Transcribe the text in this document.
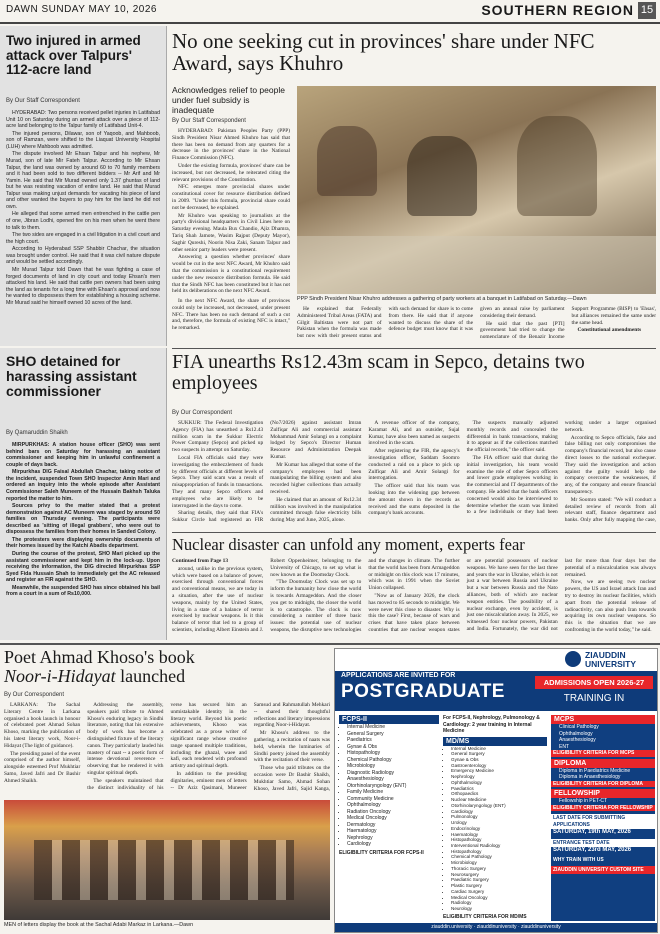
DAWN SUNDAY MAY 10, 2026	SOUTHERN REGION 15
Two injured in armed attack over Talpurs' 112-acre land
By Our Staff Correspondent

HYDERABAD: Two persons received pellet injuries in Latifabad Unit 10 on Saturday during an armed attack over a piece of 112-acre land belonging to the Talpur family of Latifabad Unit-4.

The injured persons, Dilawar, son of Yaqoob, and Mahboob, son of Ramzan, were shifted to the Liaquat University Hospital (LUH) where Mahboob was admitted.

The dispute involved Mr Ehsan Talpur and his nephew, Mr Murad, son of late Mir Fateh Talpur. According to Mir Ehsan Talpur, the land was owned by around 60 to 70 family members and it had been sold to two different bidders -- Mr Arif and Mr Yamin. He said that Mir Murad owned only 1.37 ghuntas of land but he was resisting vacation of entire land. He said that Murad Talpur was making unjust demands for vacating his piece of land and other wanted the buyers to pay him for the land he did not own.

He alleged that some armed men entrenched in the cattle pen of one, Jibran Lodhi, opened fire on his men when he went there to talk to them.

The two sides are engaged in a civil litigation in a civil court and the high court.

According to Hyderabad SSP Shabbir Chachar, the situation was brought under control. He said that it was civil nature dispute and would be settled accordingly.

Mir Murad Talpur told Dawn that he was fighting a case of forged documents of land in city court and today Ehsan's men attacked his land. He said that cattle pen owners had been using the land as tenants for a long time with Ehsan's approval and now he wanted to dispossess them for establishing a housing scheme. Mir Murad said he himself owned 10 acres of the land.

SHO detained for harassing assistant commissioner
By Qamaruddin Shaikh

MIRPURKHAS: A station house officer (SHO) was sent behind bars on Saturday for harassing an assistant commissioner and keeping him in unlawful confinement a couple of days back.

Mirpurkhas DIG Faisal Abdullah Chachar, taking notice of the incident, suspended Town SHO Inspector Amin Mari and ordered an inquiry into the whole episode after Assistant Commissioner Saleh Muneem of the Hussain Bakhsh Taluka reported the matter to him.

Sources privy to the matter stated that a protest demonstration against AC Muneem was staged by around 50 families on Thursday evening. The participants were described as 'sitting of illegal grabbers', who were out to dispossess the families from their homes in Sanded Colony.

The protesters were displaying ownership documents of their homes issued by the Katchi Abadis department.

During the course of the protest, SHO Mari picked up the assistant commissioner and kept him in the lock-up. Upon receiving the information, the DIG directed Mirpurkhas SSP Syed Fida Hussain Shah to immediately get the AC released and register an FIR against the SHO.

Meanwhile, the suspended SHO has since obtained his bail from a court in a sum of Rs10,000.

No one seeking cut in provinces' share under NFC Award, says Khuhro
Acknowledges relief to people under fuel subsidy is inadequate
By Our Staff Correspondent

HYDERABAD: Pakistan Peoples Party (PPP) Sindh President Nisar Ahmed Khuhro has said that there has been no demand from any quarters for a decrease in the provinces' share in the National Finance Commission (NFC).

Under the existing formula, provinces' share can be increased, but not decreased, he reiterated citing the relevant provisions of the Constitution.

NFC emerges more provincial shares under constitutional cover for resource distribution defined in 2009. "Under this formula, provincial share could not be decreased, he explained.

Mr Khuhro was speaking to journalists at the party's divisional headquarters in Civil Lines here on Saturday evening. Maula Bux Chandio, Ajiz Dhamra, Tariq Shah Jamote, Wasim Rajput (Deputy Mayor), Saghir Qureshi, Noorin Nisa Zaki, Sanam Talpur and other senior party leaders were present.

Answering a question whether provinces' share would be cut in the next NFC Award, Mr Khuhro said that the commission is a constitutional requirement under the new resource distribution formula. He said that the Sindh NFC has been constituted but it has not held its deliberations on the next NFC Award.

PPP Sindh President Nisar Khuhro addresses a gathering of party workers at a banquet in Latifabad on Saturday.—Dawn

In the next NFC Award, the share of provinces could only be increased, not decreased, under present NFC. There has been no such demand of such a cut and, therefore, the formula of existing NFC is intact," he remarked.

He explained that Federally Administered Tribal Areas (FATA) and Gilgit Baltistan were not part of Pakistan when the formula was made but now with their present status and with such demand for share is to come from there. He said that if anyone wanted to discuss the share of the defence budget must know that it was given an annual raise by parliament considering their demand.

He said that the past [PTI] government had tried to change the nomenclature of the Benazir Income Support Programme (BISP) to 'Ehsas', but alliances remained the same under the same head.

Constitutional amendments

FIA unearths Rs12.43m scam in Sepco, detains two employees
By Our Correspondent

SUKKUR: The Federal Investigation Agency (FIA) has unearthed a Rs12.43 million scam in the Sukkur Electric Power Company (Sepco) and picked up two suspects in attempt on Saturday.

Local FIA officials said they were investigating the embezzlement of funds by different officials at different levels of Sepco. They said scam was a result of misappropriation of funds in transactions. They and many Sepco officers and employees who are likely to be interrogated in the days to come.

Sharing details, they said that FIA's Sukkur Circle had registered an FIR (No7/2026) against assistant Imran Zulfiqar Ali and commercial assistant Mohammad Amir Solangi on a complaint lodged by Sepco's Director Human Resource and Administration Deepak Kumar.

Mr Kumar has alleged that some of the company's employees had been manipulating the billing system and also recorded higher collections than actually received.

He claimed that an amount of Rs12.34 million was involved in the manipulation committed through false electricity bills during May and June, 2025, alone.

A revenue officer of the company, Karamat Ali, and an outsider, Sujal Kumar, have also been named as suspects involved in the scam.

After registering the FIR, the agency's investigation officer, Saddam Soomro conducted a raid on a place to pick up Zulfiqar Ali and Amir Solangi for interrogation.

The officer said that his team was looking into the widening gap between the amount shown in the records as received and the sums deposited in the company's bank accounts.

The suspects manually adjusted monthly records and concealed the differential in bank transactions, making it to appear as if the collections matched the official records," the officer said.

The FIA officer said that during the initial investigation, his team would examine the role of other Sepco officers and lower grade employees working in the commercial and IT departments of the company. He added that the bank officers concerned would also be interviewed to determine whether the scam was limited to a few individuals or they had been working under a larger organised network.

According to Sepco officials, fake and false billing not only compromises the company's financial record, but also cause direct losses to the national exchequer. They said the investigation and action against the guilty would help the company overcome the weaknesses, if any, of the company and ensure financial transparency.

Mr Soomro stated: "We will conduct a detailed review of records from all relevant staff, finance department and banks. Only after fully mapping the case,

Nuclear disaster can unfold any moment, experts fear

Continued from Page 13

around, unlike in the previous system, which were based on a balance of power, exercised through conventional forces and conventional means, we are today in a situation, after the use of nuclear weapons, mainly by the United States, living in a state of a balance of terror exercised by nuclear weapons. Is it this balance of terror that led to a group of scientists, including Albert Einstein and J. Robert Oppenheimer, belonging to the University of Chicago, to set up what is now known as the Doomsday Clock.

"The Doomsday Clock was set up to inform the humanity how close the world is towards Armageddon. And the closer you get to midnight, the closer the world is to catastrophe. The clock is now considering a number of three basic issues: the potential use of nuclear weapons, the disruptive new technologies and the changes in climate. The further that the world has been from Armageddon or midnight on this clock was 17 minutes, which was in 1991 when the Soviet Union collapsed.

"Now as of January 2026, the clock has moved to 85 seconds to midnight. We were never this close to disaster. Why is this the case? First, because of wars and crises that have taken place between countries that are nuclear weapon states or are potential possessors of nuclear weapons. We have seen for the last three and years the war in Ukraine, which is not just a war between Russia and Ukraine but a war between Russia and the Nato alliances, both of which are nuclear weapon entities. The possibility of a nuclear exchange, even by accident, is just one miscalculation away. In 2025, we witnessed four nuclear powers, Pakistan and India. Fortunately, the war did not last for more than four days but the potential of a miscalculation was always remained.

Now, we are seeing two nuclear powers, the US and Israel attack Iran and try to destroy its nuclear facilities, which apart from the potential release of radioactivity, can also push Iran towards acquiring its own nuclear weapons. So this is the situation that we are confronting in the world today," he said.

Poet Ahmad Khoso's book
Noor-i-Hidayat launched
By Our Correspondent

LARKANA: The Sachal Literary Centre in Larkana organised a book launch in honour of celebrated poet Ahmad Sohan Khoso, marking the publication of his latest literary work, Noor-i-Hidayat (The light of guidance).

The presiding panel of the event comprised of the author himself, alongside esteemed Prof Mukhtiar Samo, Javed Jafri and Dr Bashir Ahmed Shaikh.

Addressing the assembly, speakers paid tribute to Ahmed Khoso's enduring legacy in Sindhi literature, noting that his extensive body of work has become a distinguished fixture of the literary canon. They particularly lauded his mastery of naat -- a poetic form of intense devotional reverence -- observing that he rendered it with singular spiritual depth.

The speakers maintained that the distinct individuality of his verse has secured him an unmistakable identity in the literary world. Beyond his poetic achievements, Khoso was celebrated as a prose writer of significant range whose creative range spanned multiple traditions, including the ghazal, waee and kafi, each rendered with profound artistry and spiritual depth.

In addition to the presiding dignitaries, eminent men of letters -- Dr Aziz Qasimani, Muneeer Samsud and Rahmatullah Mehkari -- shared their thoughtful reflections and literary impressions regarding Noor-i-Hidayat.

Mr Khoso's address to the gathering, a recitation of naats was held, wherein the luminaries of Sindhi poetry joined the assembly with the recitation of their verse.

Those who paid tributes on the occasion were Dr Bashir Shaikh, Mukhtiar Samo, Ahmad Sohan Khoso, Javed Jafri, Sajid Kanga,

MEN of letters display the book at the Sachal Adabi Markaz in Larkana.—Dawn
ZIAUDDIN UNIVERSITY
APPLICATIONS ARE INVITED FOR
POSTGRADUATE	ADMISSIONS OPEN 2026-27
TRAINING IN
FCPS-II
• Internal Medicine
• General Surgery
• Paediatrics
• Gynae & Obs
• Histopathology
• Chemical Pathology
• Microbiology
• Diagnostic Radiology
• Anaesthesiology
• Otorhinolaryngology (ENT)
• Family Medicine
• Community Medicine
• Ophthalmology
• Radiation Oncology
• Medical Oncology
• Dermatology
• Haematology
• Nephrology
• Cardiology
ELIGIBILITY CRITERIA FOR FCPS-II
For FCPS-II, Nephrology, Pulmonology & Cardiology: 2 year training in Internal Medicine
MD/MS
• Internal Medicine
• General Surgery
• Gynae & Obs
• Gastroenterology
• Emergency Medicine
• Nephrology
• Ophthalmology
• Paediatrics
• Orthopaedics
• Nuclear Medicine
• Otorhinolaryngology (ENT)
• Cardiology
• Pulmonology
• Urology
• Endocrinology
• Haematology
• Histopathology
• Interventional Radiology
• Histopathology
• Chemical Pathology
• Microbiology
• Thoracic Surgery
• Neurosurgery
• Paediatric Surgery
• Plastic Surgery
• Cardiac Surgery
• Medical Oncology
• Radiology
• Neurology
ELIGIBILITY CRITERIA FOR MD/MS
MCPS
• Clinical Pathology
• Ophthalmology
• Anaesthesiology
• ENT
ELIGIBILITY CRITERIA FOR MCPS
DIPLOMA
• Diploma in Paediatrics Medicine
• Diploma in Anaesthesiology
ELIGIBILITY CRITERIA FOR DIPLOMA
FELLOWSHIP
• Fellowship in PET-CT
ELIGIBILITY CRITERIA FOR FELLOWSHIP
LAST DATE FOR SUBMITTING APPLICATIONS
SATURDAY, 19th MAY, 2026
ENTRANCE TEST DATE
SATURDAY, 23rd MAY, 2026
WHY TRAIN WITH US
ZIAUDDIN UNIVERSITY CUSTOM SITE
ziauddin.university · ziauddinuniversity · ziauddinuniversity
